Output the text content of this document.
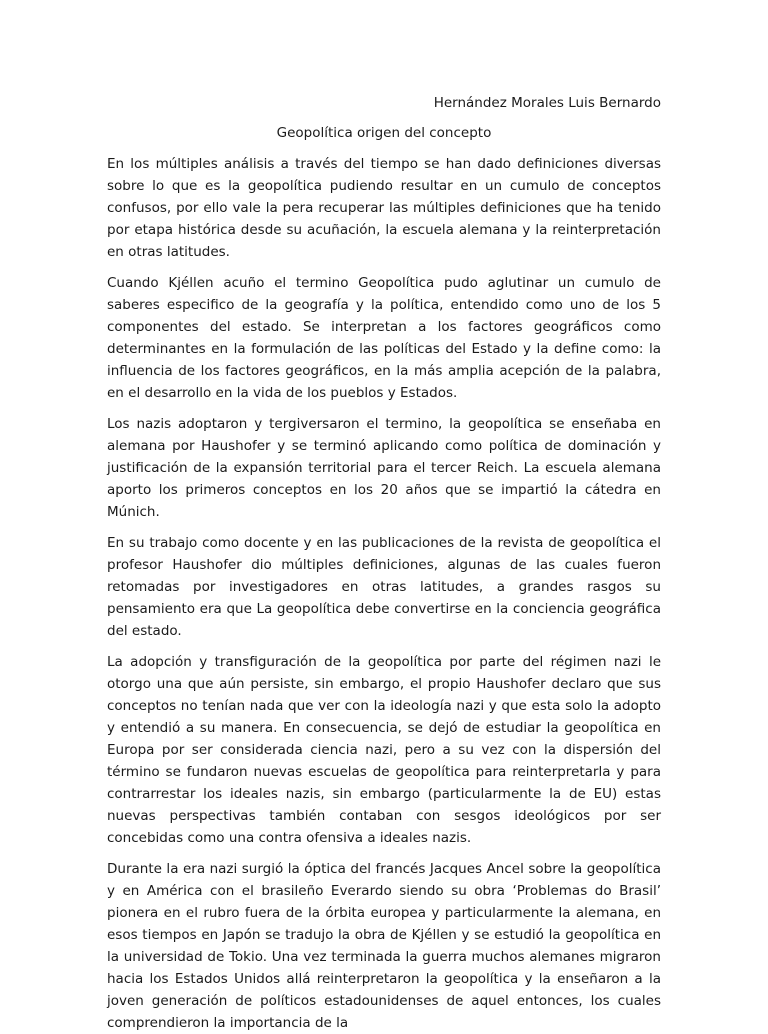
Hernández Morales Luis Bernardo

Geopolítica origen del concepto

En los múltiples análisis a través del tiempo se han dado definiciones diversas sobre lo que es la geopolítica pudiendo resultar en un cumulo de conceptos confusos, por ello vale la pera recuperar las múltiples definiciones que ha tenido por etapa histórica desde su acuñación, la escuela alemana y la reinterpretación en otras latitudes.

Cuando Kjéllen acuño el termino Geopolítica pudo aglutinar un cumulo de saberes especifico de la geografía y la política, entendido como uno de los 5 componentes del estado. Se interpretan a los factores geográficos como determinantes en la formulación de las políticas del Estado y la define como: la influencia de los factores geográficos, en la más amplia acepción de la palabra, en el desarrollo en la vida de los pueblos y Estados.

Los nazis adoptaron y tergiversaron el termino, la geopolítica se enseñaba en alemana por Haushofer y se terminó aplicando como política de dominación y justificación de la expansión territorial para el tercer Reich. La escuela alemana aporto los primeros conceptos en los 20 años que se impartió la cátedra en Múnich.

En su trabajo como docente y en las publicaciones de la revista de geopolítica el profesor Haushofer dio múltiples definiciones, algunas de las cuales fueron retomadas por investigadores en otras latitudes, a grandes rasgos su pensamiento era que La geopolítica debe convertirse en la conciencia geográfica del estado.

La adopción y transfiguración de la geopolítica por parte del régimen nazi le otorgo una que aún persiste, sin embargo, el propio Haushofer declaro que sus conceptos no tenían nada que ver con la ideología nazi y que esta solo la adopto y entendió a su manera. En consecuencia, se dejó de estudiar la geopolítica en Europa por ser considerada ciencia nazi, pero a su vez con la dispersión del término se fundaron nuevas escuelas de geopolítica para reinterpretarla y para contrarrestar los ideales nazis, sin embargo (particularmente la de EU) estas nuevas perspectivas también contaban con sesgos ideológicos por ser concebidas como una contra ofensiva a ideales nazis.

Durante la era nazi surgió la óptica del francés Jacques Ancel sobre la geopolítica y en América con el brasileño Everardo siendo su obra ‘Problemas do Brasil’ pionera en el rubro fuera de la órbita europea y particularmente la alemana, en esos tiempos en Japón se tradujo la obra de Kjéllen y se estudió la geopolítica en la universidad de Tokio. Una vez terminada la guerra muchos alemanes migraron hacia los Estados Unidos allá reinterpretaron la geopolítica y la enseñaron a la joven generación de políticos estadounidenses de aquel entonces, los cuales comprendieron la importancia de la
